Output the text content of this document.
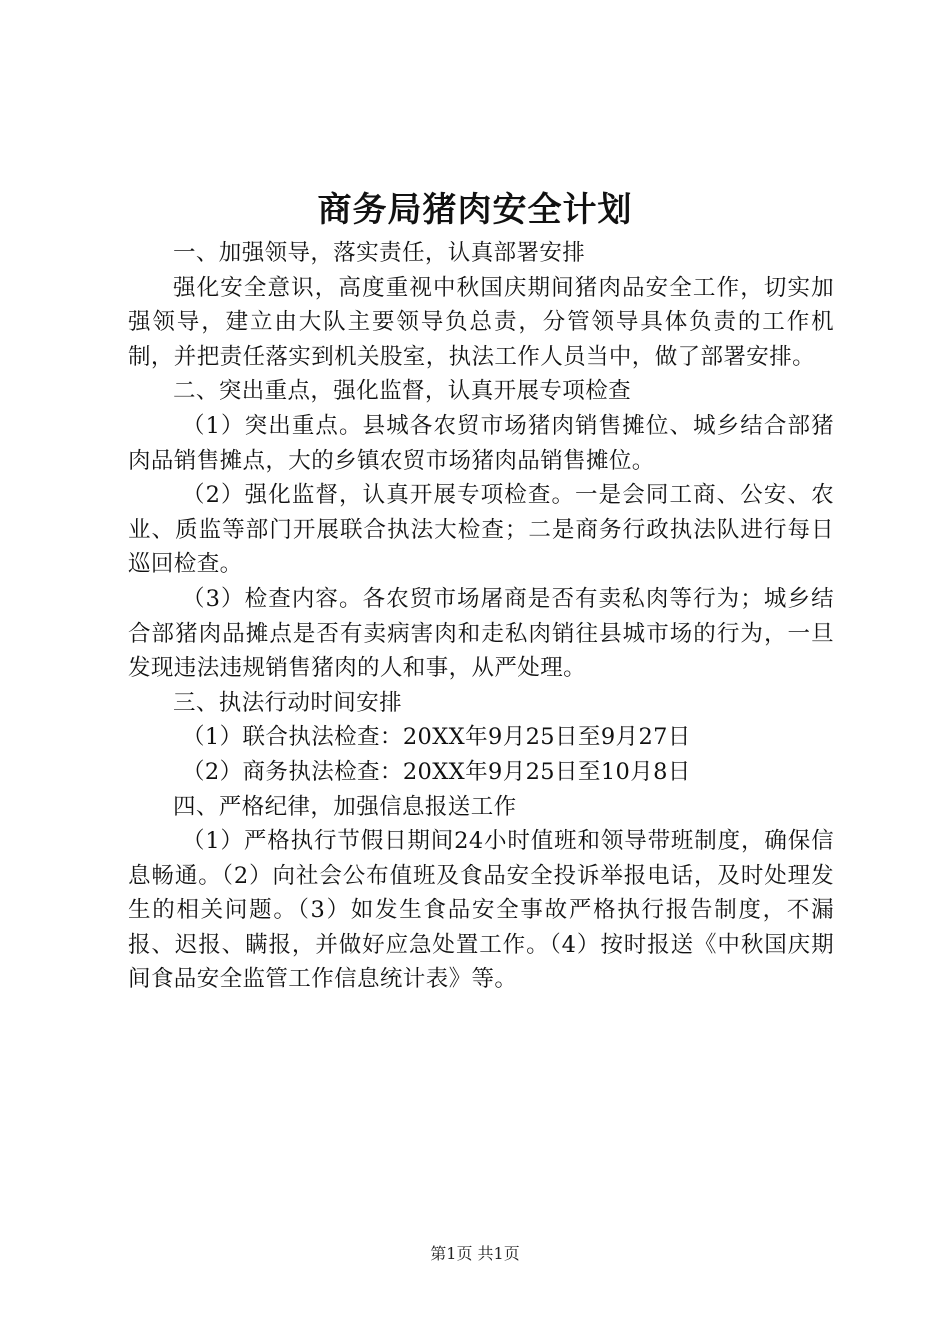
商务局猪肉安全计划

一、加强领导，落实责任，认真部署安排

强化安全意识，高度重视中秋国庆期间猪肉品安全工作，切实加强领导，建立由大队主要领导负总责，分管领导具体负责的工作机制，并把责任落实到机关股室，执法工作人员当中，做了部署安排。

二、突出重点，强化监督，认真开展专项检查

（1）突出重点。县城各农贸市场猪肉销售摊位、城乡结合部猪肉品销售摊点，大的乡镇农贸市场猪肉品销售摊位。

（2）强化监督，认真开展专项检查。一是会同工商、公安、农业、质监等部门开展联合执法大检查；二是商务行政执法队进行每日巡回检查。

（3）检查内容。各农贸市场屠商是否有卖私肉等行为；城乡结合部猪肉品摊点是否有卖病害肉和走私肉销往县城市场的行为，一旦发现违法违规销售猪肉的人和事，从严处理。

三、执法行动时间安排

（1）联合执法检查：20XX年9月25日至9月27日

（2）商务执法检查：20XX年9月25日至10月8日

四、严格纪律，加强信息报送工作

（1）严格执行节假日期间24小时值班和领导带班制度，确保信息畅通。（2）向社会公布值班及食品安全投诉举报电话，及时处理发生的相关问题。（3）如发生食品安全事故严格执行报告制度，不漏报、迟报、瞒报，并做好应急处置工作。（4）按时报送《中秋国庆期间食品安全监管工作信息统计表》等。

第1页 共1页
